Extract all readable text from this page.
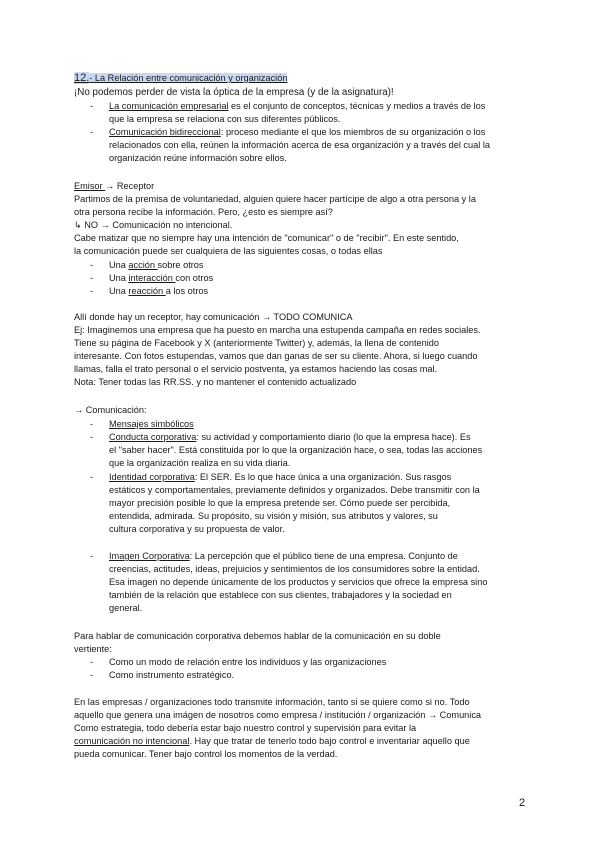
12.- La Relación entre comunicación y organización
¡No podemos perder de vista la óptica de la empresa (y de la asignatura)!
- La comunicación empresarial es el conjunto de conceptos, técnicas y medios a través de los
que la empresa se relaciona con sus diferentes públicos.
- Comunicación bidireccional: proceso mediante el que los miembros de su organización o los
relacionados con ella, reúnen la información acerca de esa organización y a través del cual la
organización reúne información sobre ellos.
Emisor → Receptor
Partimos de la premisa de voluntariedad, alguien quiere hacer partícipe de algo a otra persona y la
otra persona recibe la información. Pero, ¿esto es siempre así?
↳ NO → Comunicación no intencional.
Cabe matizar que no siempre hay una intención de "comunicar" o de "recibir". En este sentido,
la comunicación puede ser cualquiera de las siguientes cosas, o todas ellas
- Una acción sobre otros
- Una interacción con otros
- Una reacción a los otros
Allí donde hay un receptor, hay comunicación → TODO COMUNICA
Ej: Imaginemos una empresa que ha puesto en marcha una estupenda campaña en redes sociales.
Tiene su página de Facebook y X (anteriormente Twitter) y, además, la llena de contenido
interesante. Con fotos estupendas, vamos que dan ganas de ser su cliente. Ahora, si luego cuando
llamas, falla el trato personal o el servicio postventa, ya estamos haciendo las cosas mal.
Nota: Tener todas las RR.SS. y no mantener el contenido actualizado
→ Comunicación:
- Mensajes simbólicos
- Conducta corporativa: su actividad y comportamiento diario (lo que la empresa hace). Es
el "saber hacer". Está constituida por lo que la organización hace, o sea, todas las acciones
que la organización realiza en su vida diaria.
- Identidad corporativa: El SER. Es lo que hace única a una organización. Sus rasgos
estáticos y comportamentales, previamente definidos y organizados. Debe transmitir con la
mayor precisión posible lo que la empresa pretende ser. Cómo puede ser percibida,
entendida, admirada. Su propósito, su visión y misión, sus atributos y valores, su
cultura corporativa y su propuesta de valor.
- Imagen Corporativa: La percepción que el público tiene de una empresa. Conjunto de
creencias, actitudes, ideas, prejuicios y sentimientos de los consumidores sobre la entidad.
Esa imagen no depende únicamente de los productos y servicios que ofrece la empresa sino
también de la relación que establece con sus clientes, trabajadores y la sociedad en
general.
Para hablar de comunicación corporativa debemos hablar de la comunicación en su doble
vertiente:
- Como un modo de relación entre los individuos y las organizaciones
- Como instrumento estratégico.
En las empresas / organizaciones todo transmite información, tanto si se quiere como si no. Todo
aquello que genera una imágen de nosotros como empresa / institución / organización → Comunica
Como estrategia, todo debería estar bajo nuestro control y supervisión para evitar la
comunicación no intencional. Hay que tratar de tenerlo todo bajo control e inventariar aquello que
pueda comunicar. Tener bajo control los momentos de la verdad.
2
